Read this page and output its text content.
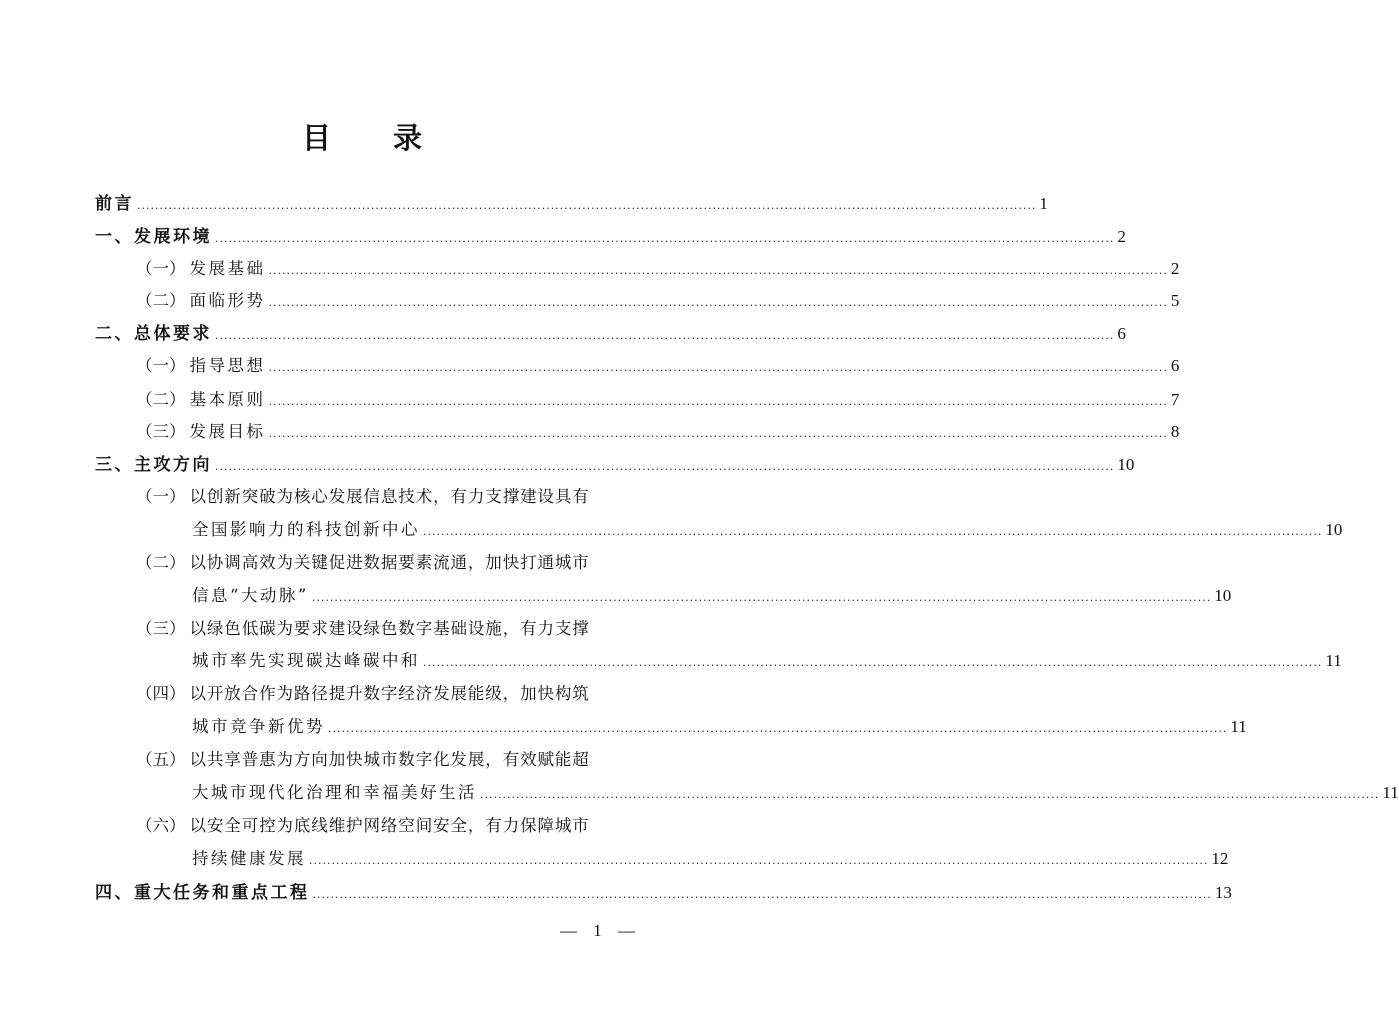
目 录
前言 ........................................................................................................................................................................................................ 1
一、发展环境 ........................................................................................................................................................................................................ 2
（一） 发展基础 ........................................................................................................................................................................................................ 2
（二） 面临形势 ........................................................................................................................................................................................................ 5
二、总体要求 ........................................................................................................................................................................................................ 6
（一） 指导思想 ........................................................................................................................................................................................................ 6
（二） 基本原则 ........................................................................................................................................................................................................ 7
（三） 发展目标 ........................................................................................................................................................................................................ 8
三、主攻方向 ........................................................................................................................................................................................................ 10
（一） 以创新突破为核心发展信息技术，有力支撑建设具有
全国影响力的科技创新中心 ........................................................................................................................................................................................................ 10
（二） 以协调高效为关键促进数据要素流通，加快打通城市
信息“大动脉” ........................................................................................................................................................................................................ 10
（三） 以绿色低碳为要求建设绿色数字基础设施，有力支撑
城市率先实现碳达峰碳中和 ........................................................................................................................................................................................................ 11
（四） 以开放合作为路径提升数字经济发展能级，加快构筑
城市竞争新优势 ........................................................................................................................................................................................................ 11
（五） 以共享普惠为方向加快城市数字化发展，有效赋能超
大城市现代化治理和幸福美好生活 ........................................................................................................................................................................................................ 11
（六） 以安全可控为底线维护网络空间安全，有力保障城市
持续健康发展 ........................................................................................................................................................................................................ 12
四、重大任务和重点工程 ........................................................................................................................................................................................................ 13
— 1 —
